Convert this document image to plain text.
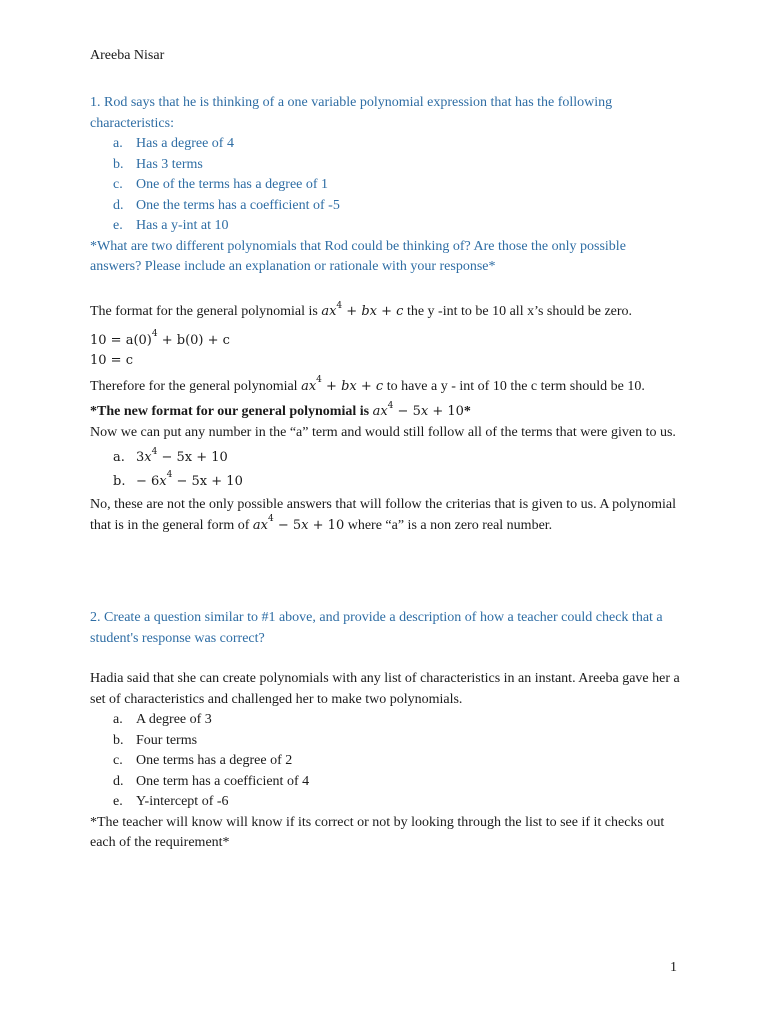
Areeba Nisar

1. Rod says that he is thinking of a one variable polynomial expression that has the following characteristics:

a. Has a degree of 4
b. Has 3 terms
c. One of the terms has a degree of 1
d. One the terms has a coefficient of -5
e. Has a y-int at 10

*What are two different polynomials that Rod could be thinking of? Are those the only possible answers? Please include an explanation or rationale with your response*

The format for the general polynomial is $ax^4$ + bx + c the y -int to be 10 all x’s should be zero.

$10 = a(0)^4 + b(0) + c$

10 = c

Therefore for the general polynomial $ax^4$ + bx + c to have a y - int of 10 the c term should be 10.

*The new format for our general polynomial is $ax^4 - 5x + 10*$

Now we can put any number in the “a” term and would still follow all of the terms that were given to us.

a. $3x^4 - 5x + 10$
b. − $6x^4 - 5x + 10$

No, these are not the only possible answers that will follow the criterias that is given to us. A polynomial that is in the general form of $ax^4 - 5x + 10$ where “a” is a non zero real number.

2. Create a question similar to #1 above, and provide a description of how a teacher could check that a student's response was correct?

Hadia said that she can create polynomials with any list of characteristics in an instant. Areeba gave her a set of characteristics and challenged her to make two polynomials.

a. A degree of 3
b. Four terms
c. One terms has a degree of 2
d. One term has a coefficient of 4
e. Y-intercept of -6

*The teacher will know will know if its correct or not by looking through the list to see if it checks out each of the requirement*

1
